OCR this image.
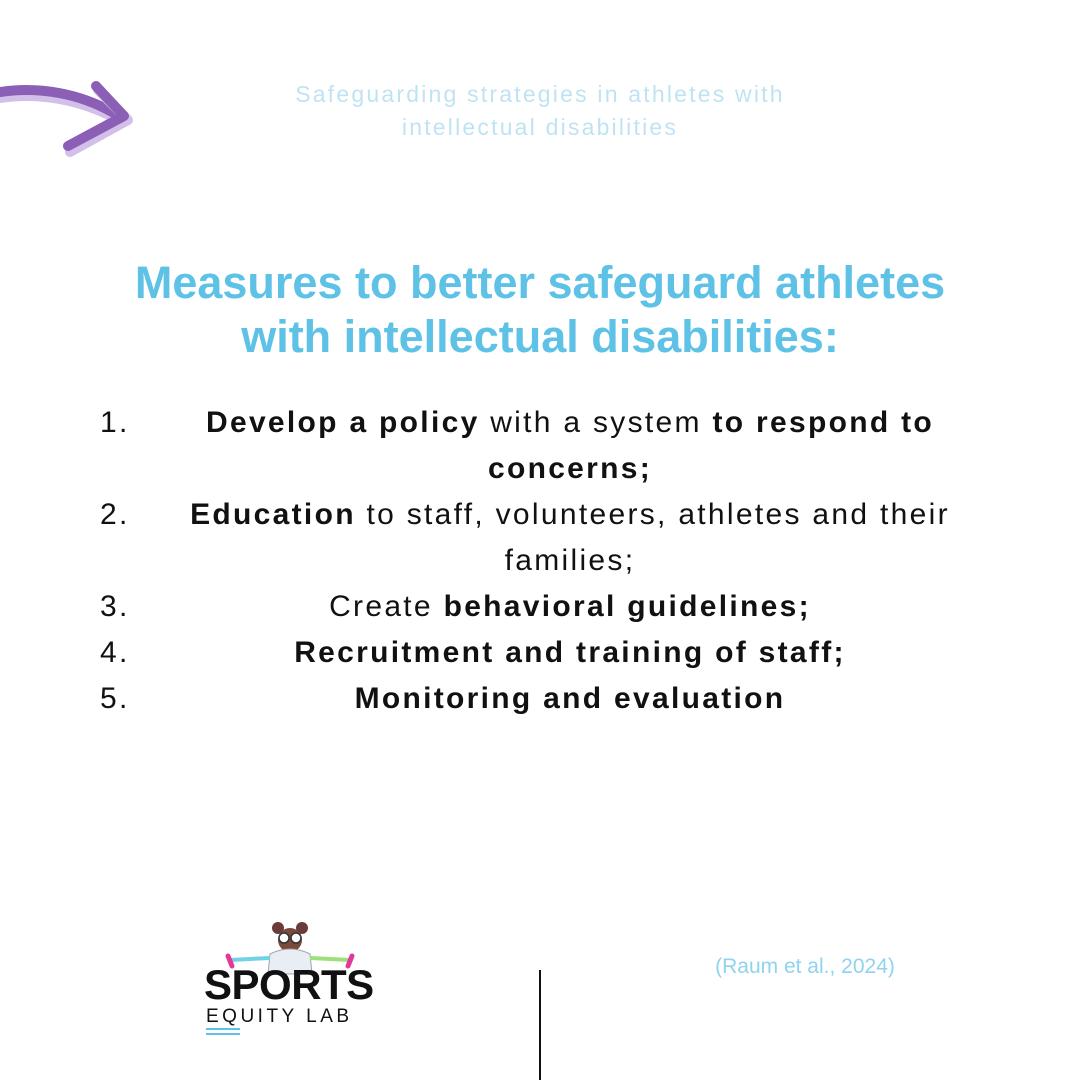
Safeguarding strategies in athletes with
intellectual disabilities
Measures to better safeguard athletes
with intellectual disabilities:
1.	Develop a policy with a system to respond to concerns;
2.	Education to staff, volunteers, athletes and their families;
3.	Create behavioral guidelines;
4.	Recruitment and training of staff;
5.	Monitoring and evaluation
SPORTS
EQUITY LAB
(Raum et al., 2024)
